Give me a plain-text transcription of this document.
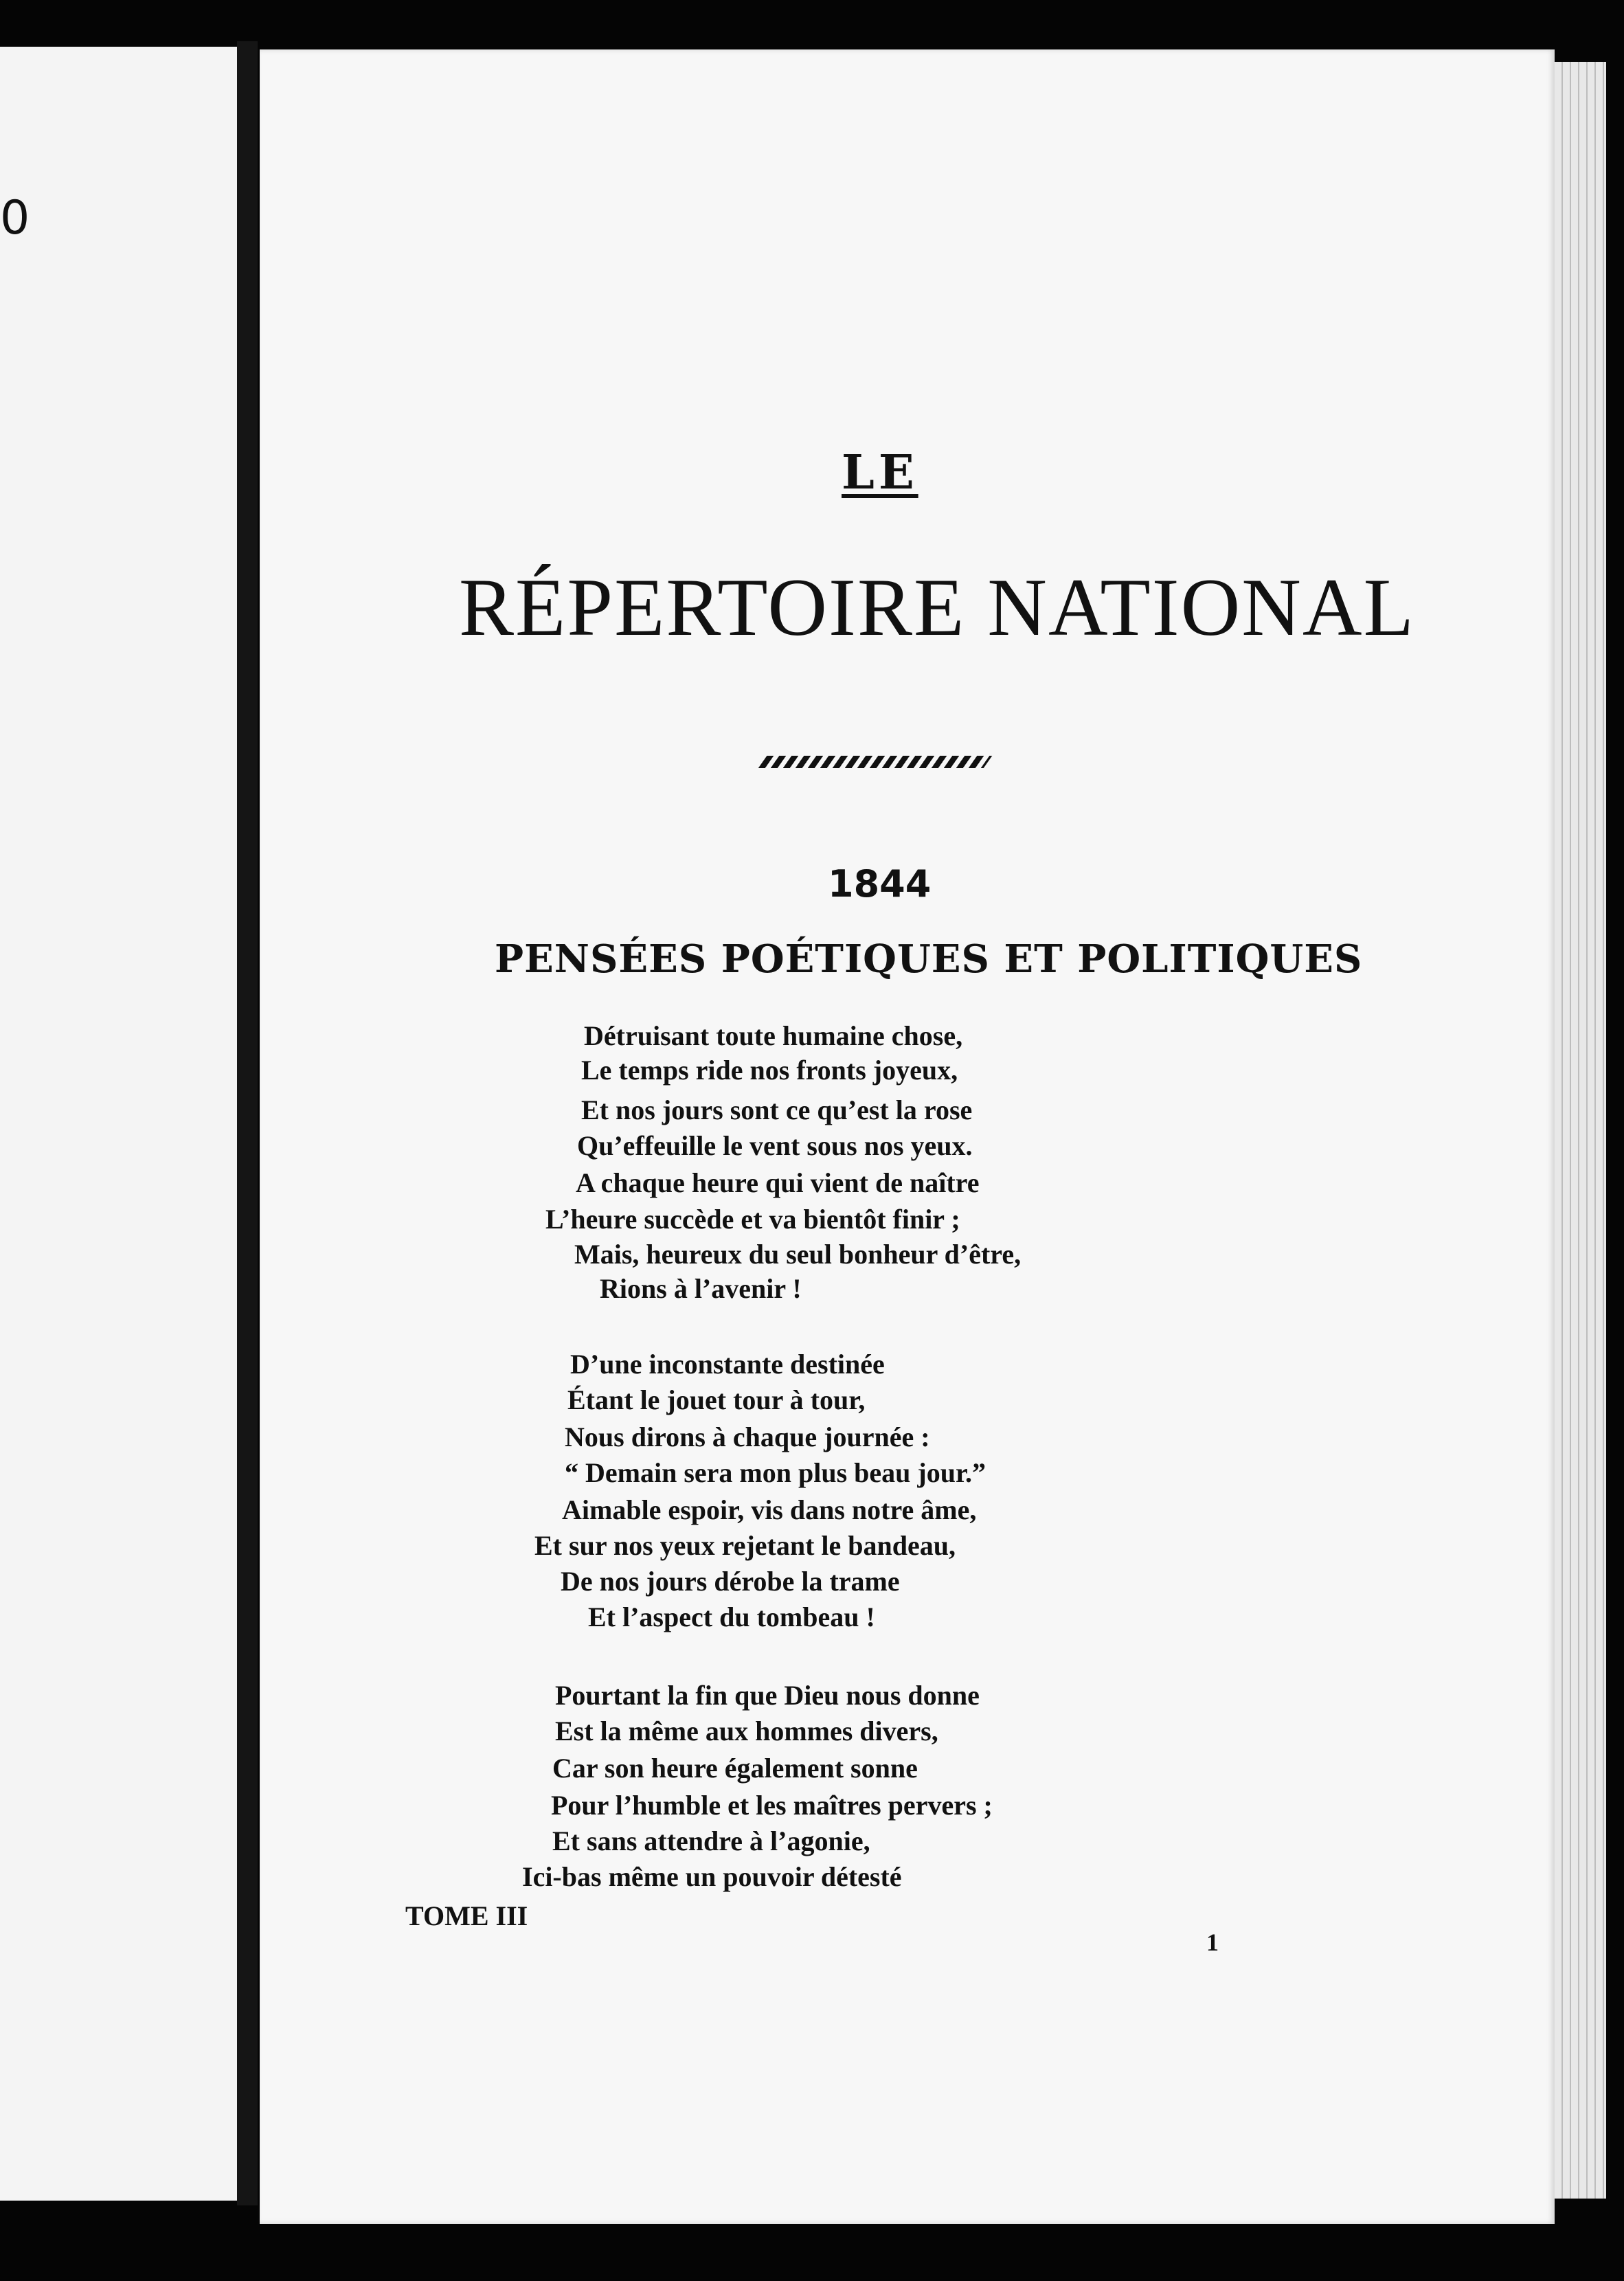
0
LE
RÉPERTOIRE NATIONAL
1844
PENSÉES POÉTIQUES ET POLITIQUES
Détruisant toute humaine chose,
Le temps ride nos fronts joyeux,
Et nos jours sont ce qu’est la rose
Qu’effeuille le vent sous nos yeux.
A chaque heure qui vient de naître
L’heure succède et va bientôt finir ;
Mais, heureux du seul bonheur d’être,
Rions à l’avenir !
D’une inconstante destinée
Étant le jouet tour à tour,
Nous dirons à chaque journée :
“ Demain sera mon plus beau jour.”
Aimable espoir, vis dans notre âme,
Et sur nos yeux rejetant le bandeau,
De nos jours dérobe la trame
Et l’aspect du tombeau !
Pourtant la fin que Dieu nous donne
Est la même aux hommes divers,
Car son heure également sonne
Pour l’humble et les maîtres pervers ;
Et sans attendre à l’agonie,
Ici-bas même un pouvoir détesté
TOME III
1
